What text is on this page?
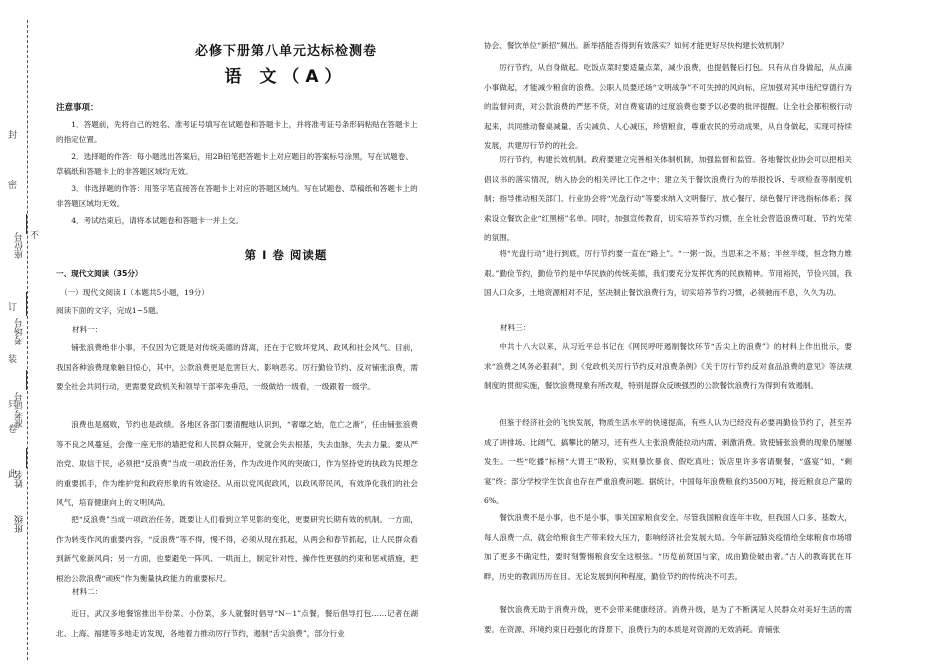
封
密
不
订
装
只
卷
此
座位号
考场号
准考证号
姓名
班级
必修下册第八单元达标检测卷
语 文（A）
注意事项：
1．答题前，先将自己的姓名、准考证号填写在试题卷和答题卡上，并将准考证号条形码粘贴在答题卡上的指定位置。
2．选择题的作答：每小题选出答案后，用2B铅笔把答题卡上对应题目的答案标号涂黑，写在试题卷、草稿纸和答题卡上的非答题区域均无效。
3．非选择题的作答：用签字笔直接答在答题卡上对应的答题区域内。写在试题卷、草稿纸和答题卡上的非答题区域均无效。
4．考试结束后，请将本试题卷和答题卡一并上交。
第 I 卷 阅读题
一、现代文阅读（35分）
（一）现代文阅读 I（本题共5小题，19分）
阅读下面的文字，完成1~5题。
材料一：
铺张浪费绝非小事，不仅因为它既是对传统美德的背离，还在于它败坏党风、政风和社会风气。目前，我国各种浪费现象触目惊心，其中，公款浪费更是危害巨大、影响恶劣。厉行勤俭节约、反对铺张浪费，需要全社会共同行动，更需要党政机关和领导干部率先垂范，一级做给一级看，一级跟着一级学。
浪费也是腐败，节约也是政绩。各地区各部门要清醒地认识到，“奢靡之始，危亡之渐”，任由铺张浪费等不良之风蔓延，会像一座无形的墙把党和人民群众隔开，党就会失去根基，失去血脉，失去力量。要从严治党、取信于民，必须把“反浪费”当成一项政治任务，作为改进作风的突破口，作为坚持党的执政为民理念的重要抓手，作为维护党和政府形象的有效途径。从而以党风促政风，以政风带民风，有效净化我们的社会风气，培育健康向上的文明风尚。
把“反浪费”当成一项政治任务，既要让人们看到立竿见影的变化，更要研究长期有效的机制。一方面，作为转变作风的重要内容，“反浪费”等不得，慢不得，必须从现在抓起，从两会和春节抓起，让人民群众看到新气象新风尚；另一方面，也要避免一阵风、一哄而上，制定针对性、操作性更强的约束和惩戒措施，把根治公款浪费“顽疾”作为衡量执政能力的重要标尺。
材料二：
近日，武汉多地餐馆推出半份菜、小份菜，多人就餐时倡导“N－1”点餐，餐后倡导打包……记者在湖北、上海、福建等多地走访发现，各地着力推动厉行节约，遏制“舌尖浪费”，部分行业
协会、餐饮单位“新招”频出。新举措能否得到有效落实？如何才能更好尽快构建长效机制？
厉行节约，从自身做起。吃饭点菜时要适量点菜，减少浪费，也提倡餐后打包。只有从自身做起，从点滴小事做起，才能减少粮食的浪费。公职人员要还场“文明战争”不可失掉的风向标，应加强对其申违纪穿德行为的监督问责，对公款浪费的严惩不贷，对自费宴请的过度浪费也要予以必要的批评提醒。让全社会都积极行动起来，共同推动餐桌减量、舌尖减负、人心减压，珍惜粮食，尊重农民的劳动成果，从自身做起，实现可持续发展，共建厉行节约的社会。
厉行节约，构建长效机制。政府要建立完善相关体制机制，加强监督和监管。各地餐饮业协会可以把相关倡议书的落实情况，纳入协会的相关评比工作之中；建立关于餐饮浪费行为的举报投诉、专项检查等制度机制；指导推动相关部门、行业协会将“光盘行动”等要求纳入文明餐厅、放心餐厅、绿色餐厅评选指标体系；探索设立餐饮企业“红黑榜”名单。同时，加强宣传教育，切实培养节约习惯，在全社会营造浪费可耻、节约光荣的氛围。
将“光盘行动”进行到底，厉行节约要一直在“路上”。“一粥一饭，当思来之不易；半丝半缕，恒念物力维艰。”勤俭节约，勤俭节约是中华民族的传统美德，我们要充分发挥优秀的民族精神。节用裕民，节俭兴国，我国人口众多，土地资源相对不足，坚决制止餐饮浪费行为，切实培养节约习惯，必须驰而不息，久久为功。
材料三：
中共十八大以来，从习近平总书记在《网民呼吁遏制餐饮环节“舌尖上的浪费”》的材料上作出批示，要求“浪费之风务必狠刹”，到《党政机关厉行节约反对浪费条例》《关于厉行节约反对食品浪费的意见》等法规制度的贯彻实施，餐饮浪费现象有所改观，特别是群众反映强烈的公款餐饮浪费行为得到有效遏制。
但鉴于经济社会的飞快发展，物质生活水平的快速提高，有些人认为已经没有必要再勤俭节约了，甚至养成了讲排场、比阔气、搞攀比的陋习，还有些人主张浪费能拉动内需、刺激消费。致使铺张浪费的现象仍屡屡发生。一些“吃播”标榜“大胃王”吸粉，实则暴饮暴食、假吃真吐；饭店里许多客请聚餐，“盛宴”如，“剩宴”终；部分学校学生饮食也存在严重浪费问题。据统计，中国每年浪费粮食约3500万吨，接近粮食总产量的6%。
餐饮浪费不是小事，也不是小事，事关国家粮食安全。尽管我国粮食连年丰收，但我国人口多、基数大，每人浪费一点，就会给粮食生产带来较大压力，影响经济社会发展大局。今年新冠肺炎疫情给全球粮食市场增加了更多不确定性，要时刻警惕粮食安全这根弦。“历览前贤国与家，成由勤俭破由奢。”古人的教诲犹在耳畔，历史的教训历历在目。无论发展到何种程度，勤俭节约的传统决不可丢。
餐饮浪费无助于消费升级，更不会带来健康经济。消费升级，是为了不断满足人民群众对美好生活的需要。在资源、环境约束日趋强化的背景下，浪费行为的本质是对资源的无效消耗。青铺张
